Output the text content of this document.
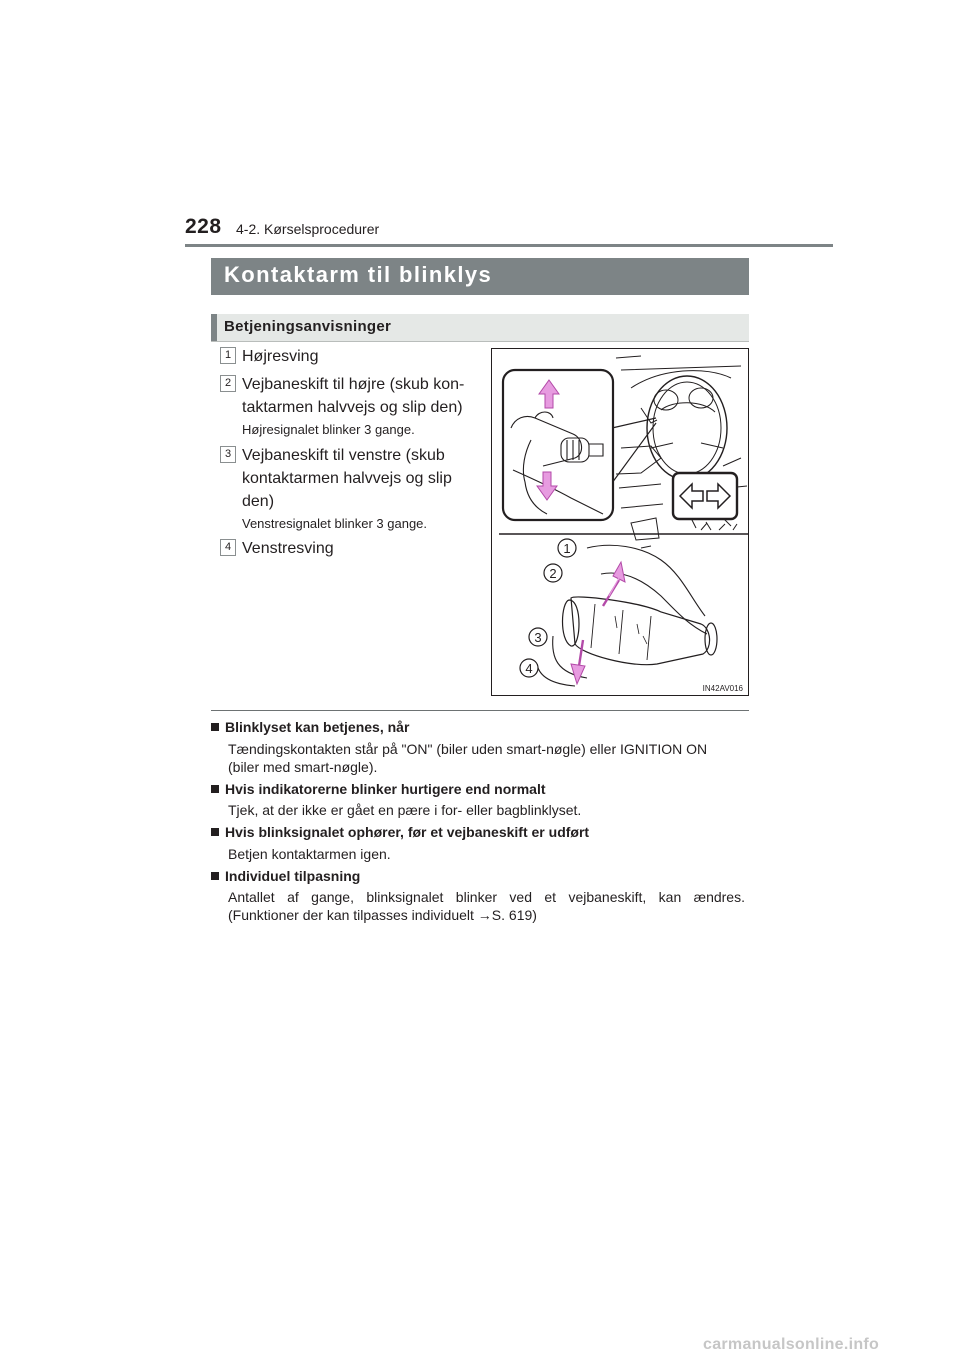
228 4-2. Kørselsprocedurer
Kontaktarm til blinklys
Betjeningsanvisninger
1 Højresving
2 Vejbaneskift til højre (skub kon-
taktarmen halvvejs og slip den)
Højresignalet blinker 3 gange.
3 Vejbaneskift til venstre (skub
kontaktarmen halvvejs og slip
den)
Venstresignalet blinker 3 gange.
4 Venstresving	1
2
3
4
IN42AV016
Blinklyset kan betjenes, når
Tændingskontakten står på "ON" (biler uden smart-nøgle) eller IGNITION ON
(biler med smart-nøgle).
Hvis indikatorerne blinker hurtigere end normalt
Tjek, at der ikke er gået en pære i for- eller bagblinklyset.
Hvis blinksignalet ophører, før et vejbaneskift er udført
Betjen kontaktarmen igen.
Individuel tilpasning
Antallet af gange, blinksignalet blinker ved et vejbaneskift, kan ændres.
(Funktioner der kan tilpasses individuelt →S. 619)
carmanualsonline.info
